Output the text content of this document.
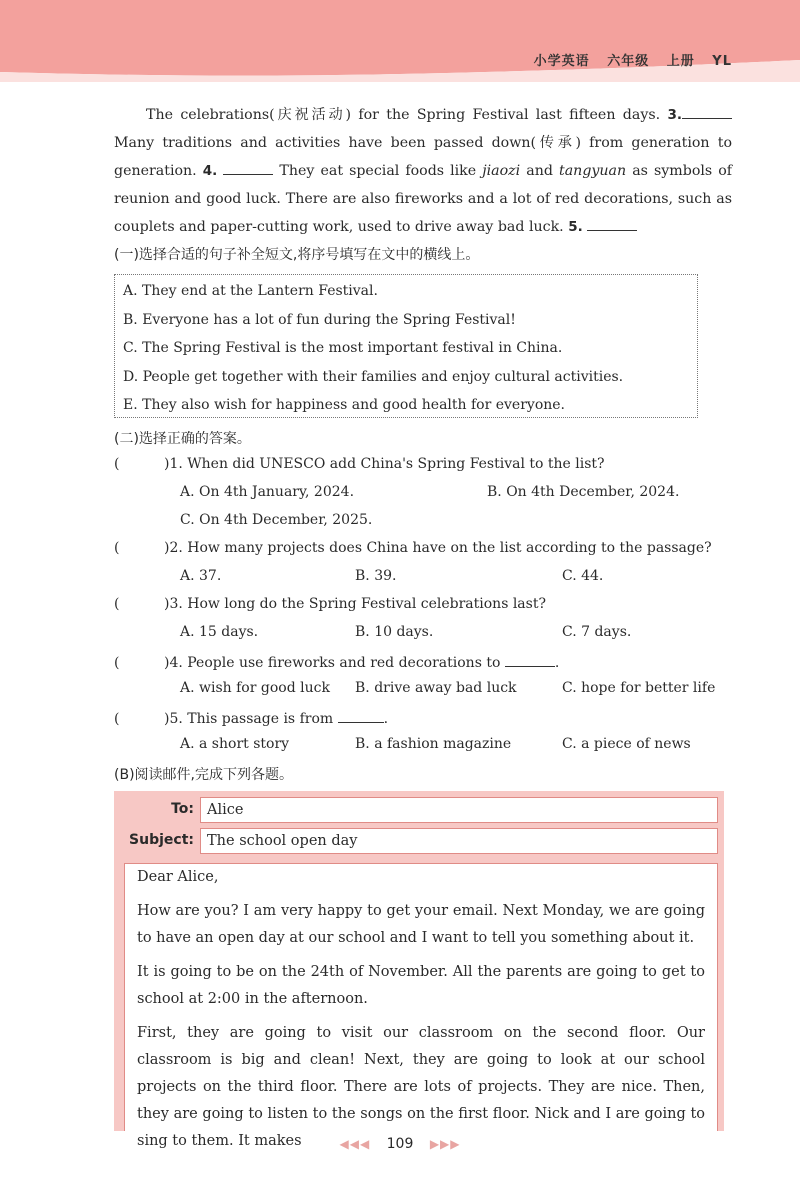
小学英语 六年级 上册 YL
The celebrations(庆祝活动) for the Spring Festival last fifteen days. 3. Many traditions and activities have been passed down(传承) from generation to generation. 4.	They eat special foods like jiaozi and tangyuan as symbols of reunion and good luck. There are also fireworks and a lot of red decorations, such as couplets and paper-cutting work, used to drive away bad luck. 5.
(一)选择合适的句子补全短文,将序号填写在文中的横线上。
A. They end at the Lantern Festival.
B. Everyone has a lot of fun during the Spring Festival!
C. The Spring Festival is the most important festival in China.
D. People get together with their families and enjoy cultural activities.
E. They also wish for happiness and good health for everyone.
(二)选择正确的答案。
(	)1. When did UNESCO add China's Spring Festival to the list?
A. On 4th January, 2024.	B. On 4th December, 2024.
C. On 4th December, 2025.
(	)2. How many projects does China have on the list according to the passage?
A. 37.	B. 39.	C. 44.
(	)3. How long do the Spring Festival celebrations last?
A. 15 days.	B. 10 days.	C. 7 days.
(	)4. People use fireworks and red decorations to	.
A. wish for good luck B. drive away bad luck	C. hope for better life
(	)5. This passage is from	.
A. a short story	B. a fashion magazine	C. a piece of news
(B)阅读邮件,完成下列各题。
To: Alice
Subject: The school open day

Dear Alice,

How are you? I am very happy to get your email. Next Monday, we are going to have an open day at our school and I want to tell you something about it.

It is going to be on the 24th of November. All the parents are going to get to school at 2:00 in the afternoon.

First, they are going to visit our classroom on the second floor. Our classroom is big and clean! Next, they are going to look at our school projects on the third floor. There are lots of projects. They are nice. Then, they are going to listen to the songs on the first floor. Nick and I are going to sing to them. It makes	◀◀◀ 109 ▶▶▶
